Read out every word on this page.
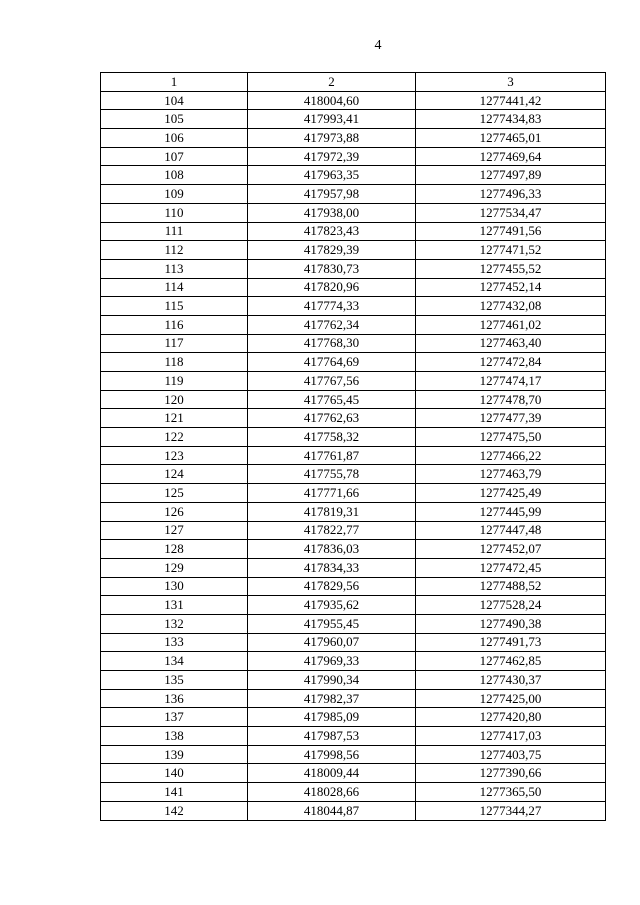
4
1	2	3
104	418004,60	1277441,42
105	417993,41	1277434,83
106	417973,88	1277465,01
107	417972,39	1277469,64
108	417963,35	1277497,89
109	417957,98	1277496,33
110	417938,00	1277534,47
111	417823,43	1277491,56
112	417829,39	1277471,52
113	417830,73	1277455,52
114	417820,96	1277452,14
115	417774,33	1277432,08
116	417762,34	1277461,02
117	417768,30	1277463,40
118	417764,69	1277472,84
119	417767,56	1277474,17
120	417765,45	1277478,70
121	417762,63	1277477,39
122	417758,32	1277475,50
123	417761,87	1277466,22
124	417755,78	1277463,79
125	417771,66	1277425,49
126	417819,31	1277445,99
127	417822,77	1277447,48
128	417836,03	1277452,07
129	417834,33	1277472,45
130	417829,56	1277488,52
131	417935,62	1277528,24
132	417955,45	1277490,38
133	417960,07	1277491,73
134	417969,33	1277462,85
135	417990,34	1277430,37
136	417982,37	1277425,00
137	417985,09	1277420,80
138	417987,53	1277417,03
139	417998,56	1277403,75
140	418009,44	1277390,66
141	418028,66	1277365,50
142	418044,87	1277344,27
